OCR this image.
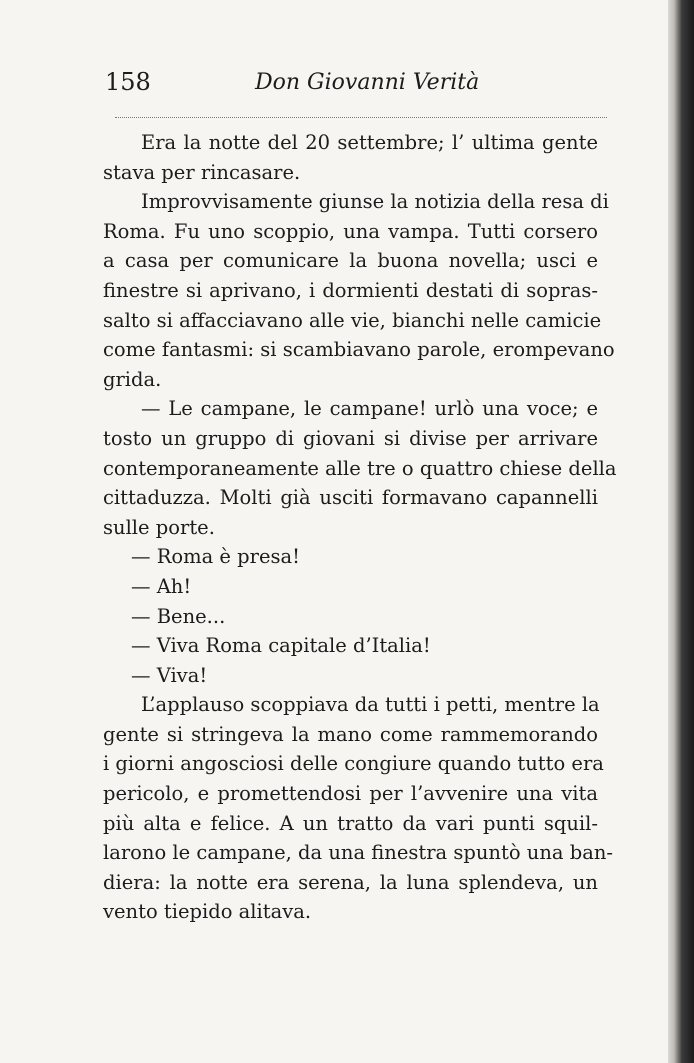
158	Don Giovanni Verità
Era la notte del 20 settembre; l’ ultima gente
stava per rincasare.
Improvvisamente giunse la notizia della resa di
Roma. Fu uno scoppio, una vampa. Tutti corsero
a casa per comunicare la buona novella; usci e
finestre si aprivano, i dormienti destati di sopras-
salto si affacciavano alle vie, bianchi nelle camicie
come fantasmi: si scambiavano parole, erompevano
grida.
— Le campane, le campane! urlò una voce; e
tosto un gruppo di giovani si divise per arrivare
contemporaneamente alle tre o quattro chiese della
cittaduzza. Molti già usciti formavano capannelli
sulle porte.
— Roma è presa!
— Ah!
— Bene...
— Viva Roma capitale d’Italia!
— Viva!
L’applauso scoppiava da tutti i petti, mentre la
gente si stringeva la mano come rammemorando
i giorni angosciosi delle congiure quando tutto era
pericolo, e promettendosi per l’avvenire una vita
più alta e felice. A un tratto da vari punti squil-
larono le campane, da una finestra spuntò una ban-
diera: la notte era serena, la luna splendeva, un
vento tiepido alitava.
